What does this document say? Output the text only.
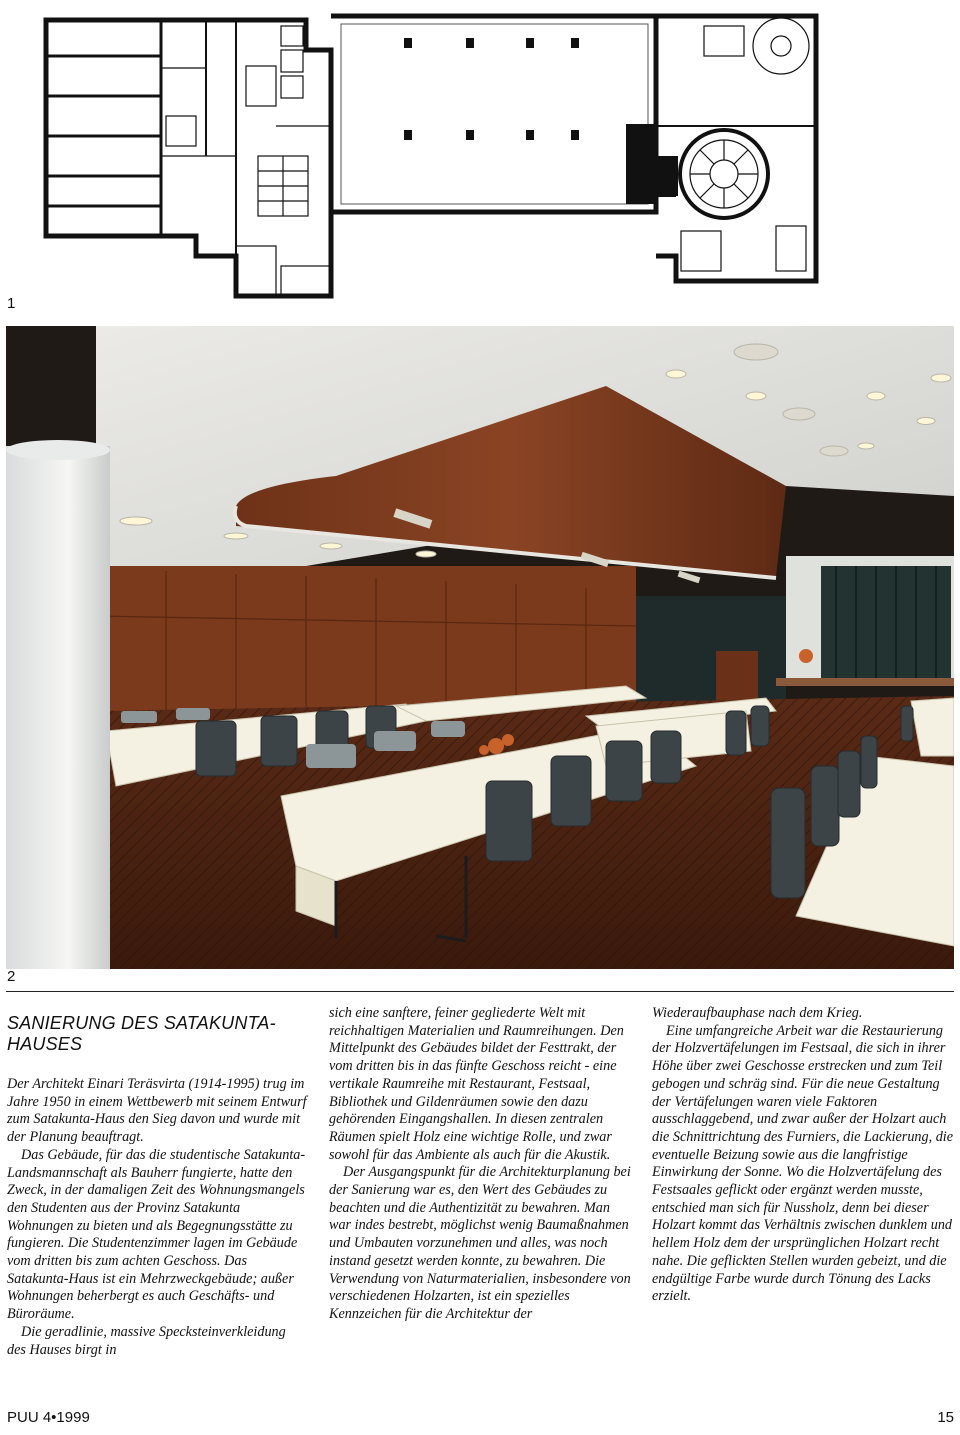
1
2
SANIERUNG DES SATAKUNTA-
HAUSES

Der Architekt Einari Teräsvirta (1914-1995) trug im Jahre 1950 in einem Wettbewerb mit seinem Entwurf zum Satakunta-Haus den Sieg davon und wurde mit der Planung beauftragt.

Das Gebäude, für das die studentische Satakunta-Landsmannschaft als Bauherr fungierte, hatte den Zweck, in der damaligen Zeit des Wohnungsmangels den Studenten aus der Provinz Satakunta Wohnungen zu bieten und als Begegnungsstätte zu fungieren. Die Studentenzimmer lagen im Gebäude vom dritten bis zum achten Geschoss. Das Satakunta-Haus ist ein Mehrzweckgebäude; außer Wohnungen beherbergt es auch Geschäfts- und Büroräume.

Die geradlinie, massive Specksteinverkleidung des Hauses birgt in

sich eine sanftere, feiner gegliederte Welt mit reichhaltigen Materialien und Raumreihungen. Den Mittelpunkt des Gebäudes bildet der Festtrakt, der vom dritten bis in das fünfte Geschoss reicht - eine vertikale Raumreihe mit Restaurant, Festsaal, Bibliothek und Gildenräumen sowie den dazu gehörenden Eingangshallen. In diesen zentralen Räumen spielt Holz eine wichtige Rolle, und zwar sowohl für das Ambiente als auch für die Akustik.

Der Ausgangspunkt für die Architekturplanung bei der Sanierung war es, den Wert des Gebäudes zu beachten und die Authentizität zu bewahren. Man war indes bestrebt, möglichst wenig Baumaßnahmen und Umbauten vorzunehmen und alles, was noch instand gesetzt werden konnte, zu bewahren. Die Verwendung von Naturmaterialien, insbesondere von verschiedenen Holzarten, ist ein spezielles Kennzeichen für die Architektur der

Wiederaufbauphase nach dem Krieg.

Eine umfangreiche Arbeit war die Restaurierung der Holzvertäfelungen im Festsaal, die sich in ihrer Höhe über zwei Geschosse erstrecken und zum Teil gebogen und schräg sind. Für die neue Gestaltung der Vertäfelungen waren viele Faktoren ausschlaggebend, und zwar außer der Holzart auch die Schnittrichtung des Furniers, die Lackierung, die eventuelle Beizung sowie aus die langfristige Einwirkung der Sonne. Wo die Holzvertäfelung des Festsaales geflickt oder ergänzt werden musste, entschied man sich für Nussholz, denn bei dieser Holzart kommt das Verhältnis zwischen dunklem und hellem Holz dem der ursprünglichen Holzart recht nahe. Die geflickten Stellen wurden gebeizt, und die endgültige Farbe wurde durch Tönung des Lacks erzielt.

PUU 4•1999	15
